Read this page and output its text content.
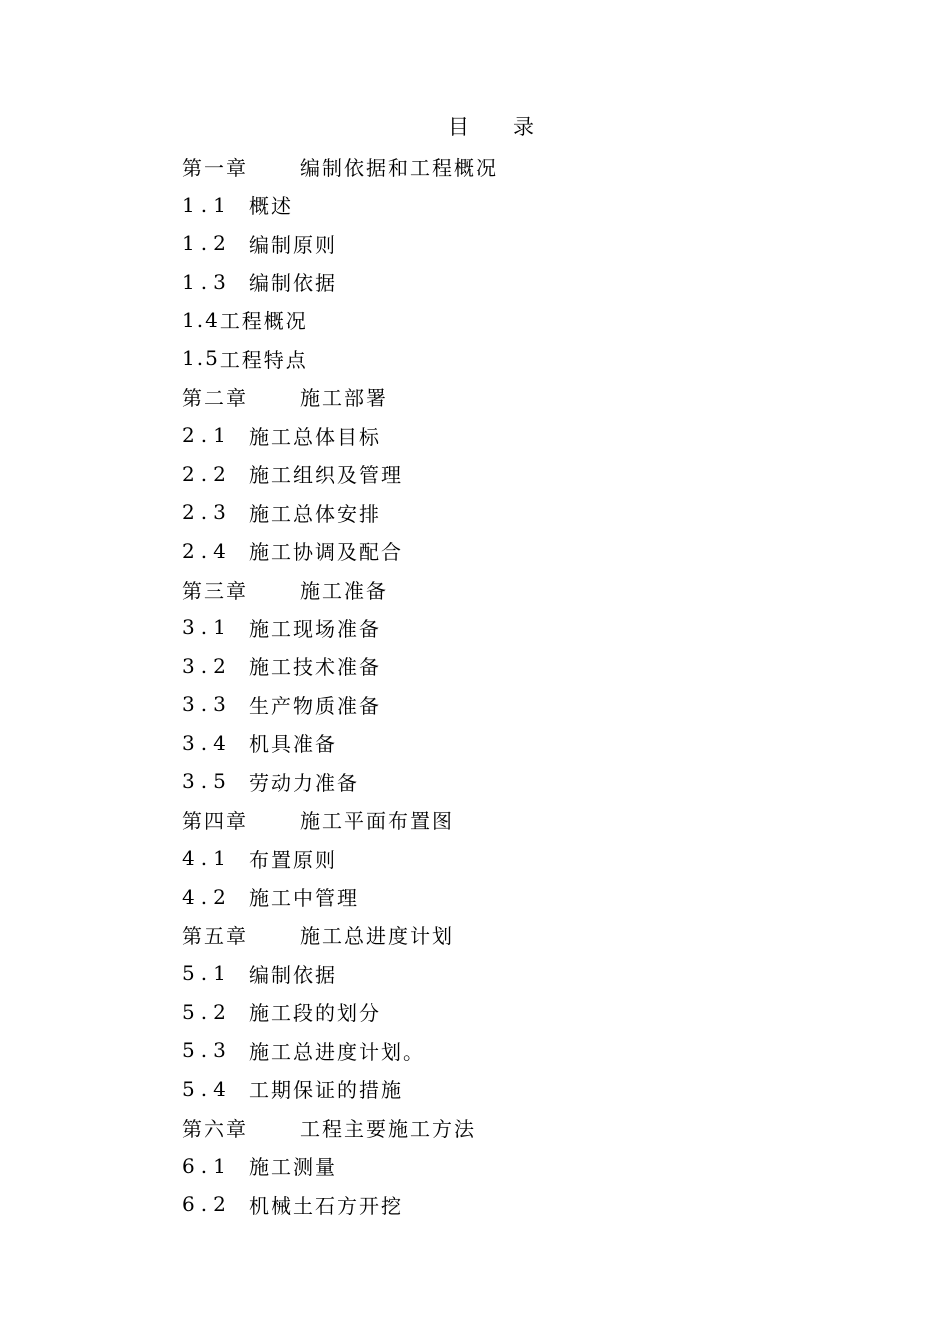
目 录
第一章	编制依据和工程概况
1.1 概述
1.2 编制原则
1.3 编制依据
1.4 工程概况
1.5 工程特点
第二章	施工部署
2.1 施工总体目标
2.2 施工组织及管理
2.3 施工总体安排
2.4 施工协调及配合
第三章	施工准备
3.1 施工现场准备
3.2 施工技术准备
3.3 生产物质准备
3.4 机具准备
3.5 劳动力准备
第四章	施工平面布置图
4.1 布置原则
4.2 施工中管理
第五章	施工总进度计划
5.1 编制依据
5.2 施工段的划分
5.3 施工总进度计划。
5.4 工期保证的措施
第六章	工程主要施工方法
6.1 施工测量
6.2 机械土石方开挖
